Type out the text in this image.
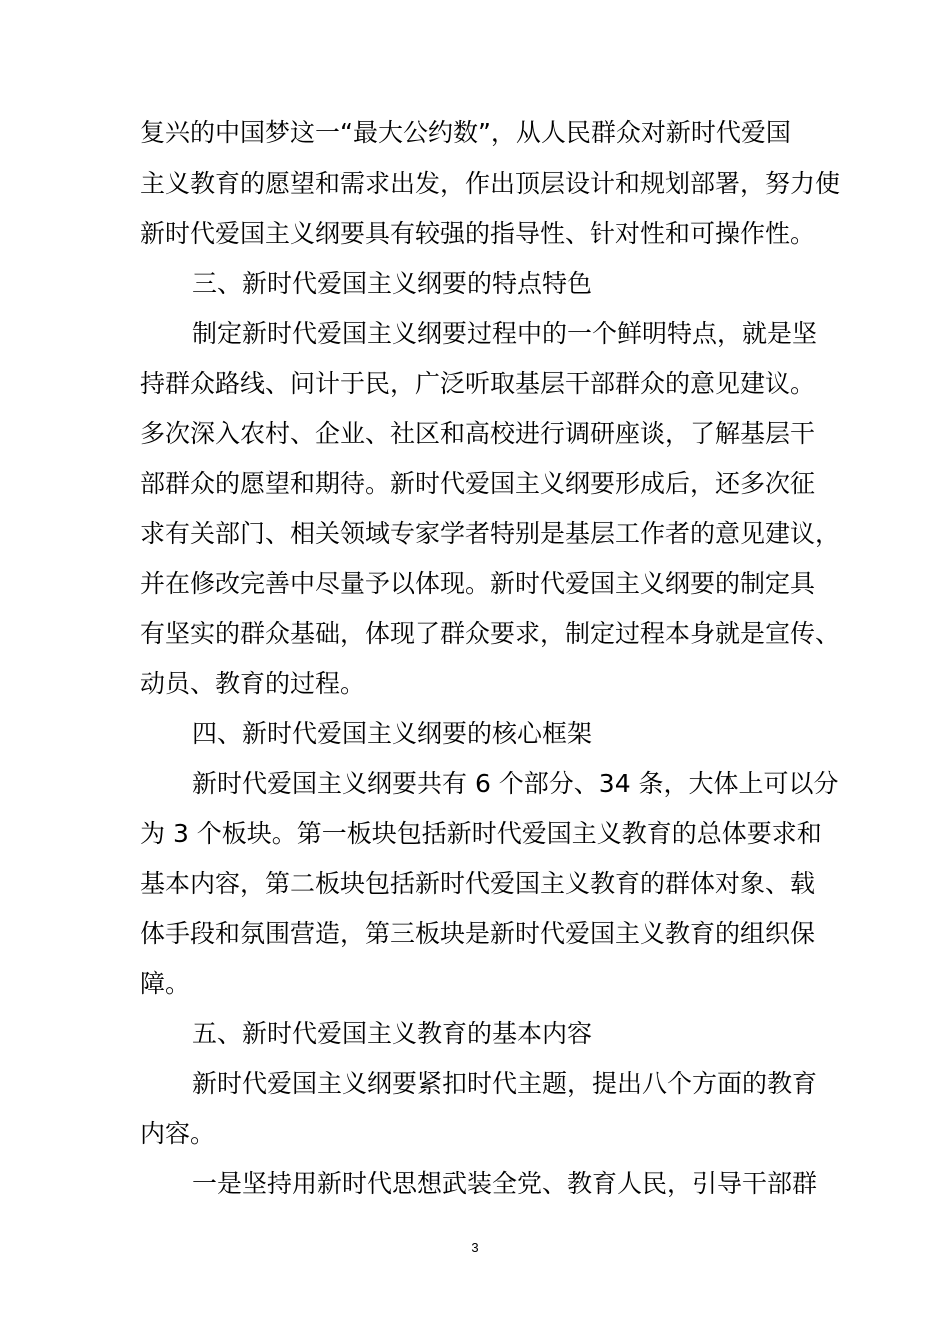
复兴的中国梦这一“最大公约数”，从人民群众对新时代爱国
主义教育的愿望和需求出发，作出顶层设计和规划部署，努力使
新时代爱国主义纲要具有较强的指导性、针对性和可操作性。
三、新时代爱国主义纲要的特点特色
制定新时代爱国主义纲要过程中的一个鲜明特点，就是坚
持群众路线、问计于民，广泛听取基层干部群众的意见建议。
多次深入农村、企业、社区和高校进行调研座谈，了解基层干
部群众的愿望和期待。新时代爱国主义纲要形成后，还多次征
求有关部门、相关领域专家学者特别是基层工作者的意见建议，
并在修改完善中尽量予以体现。新时代爱国主义纲要的制定具
有坚实的群众基础，体现了群众要求，制定过程本身就是宣传、
动员、教育的过程。
四、新时代爱国主义纲要的核心框架
新时代爱国主义纲要共有 6 个部分、34 条，大体上可以分
为 3 个板块。第一板块包括新时代爱国主义教育的总体要求和
基本内容，第二板块包括新时代爱国主义教育的群体对象、载
体手段和氛围营造，第三板块是新时代爱国主义教育的组织保
障。
五、新时代爱国主义教育的基本内容
新时代爱国主义纲要紧扣时代主题，提出八个方面的教育
内容。
一是坚持用新时代思想武装全党、教育人民，引导干部群
3
